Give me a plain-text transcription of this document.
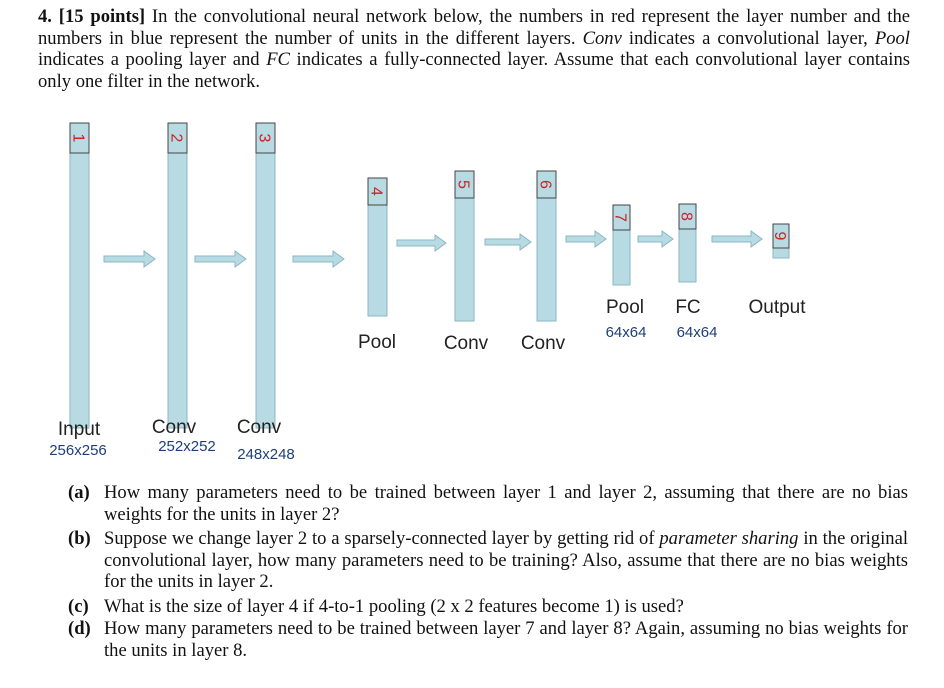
4. [15 points] In the convolutional neural network below, the numbers in red represent the layer number and the numbers in blue represent the number of units in the different layers. Conv indicates a convolutional layer, Pool indicates a pooling layer and FC indicates a fully-connected layer. Assume that each convolutional layer contains only one filter in the network.

1	2	3
4
5	6
7	8
9
Input
256x256
Conv
252x252
Conv
248x248
Pool	Conv Conv
Pool
64x64
FC
64x64
Output
(a) How many parameters need to be trained between layer 1 and layer 2, assuming that there are no bias weights for the units in layer 2?
(b) Suppose we change layer 2 to a sparsely-connected layer by getting rid of parameter sharing in the original convolutional layer, how many parameters need to be training? Also, assume that there are no bias weights for the units in layer 2.
(c) What is the size of layer 4 if 4-to-1 pooling (2 x 2 features become 1) is used?
(d) How many parameters need to be trained between layer 7 and layer 8? Again, assuming no bias weights for the units in layer 8.
